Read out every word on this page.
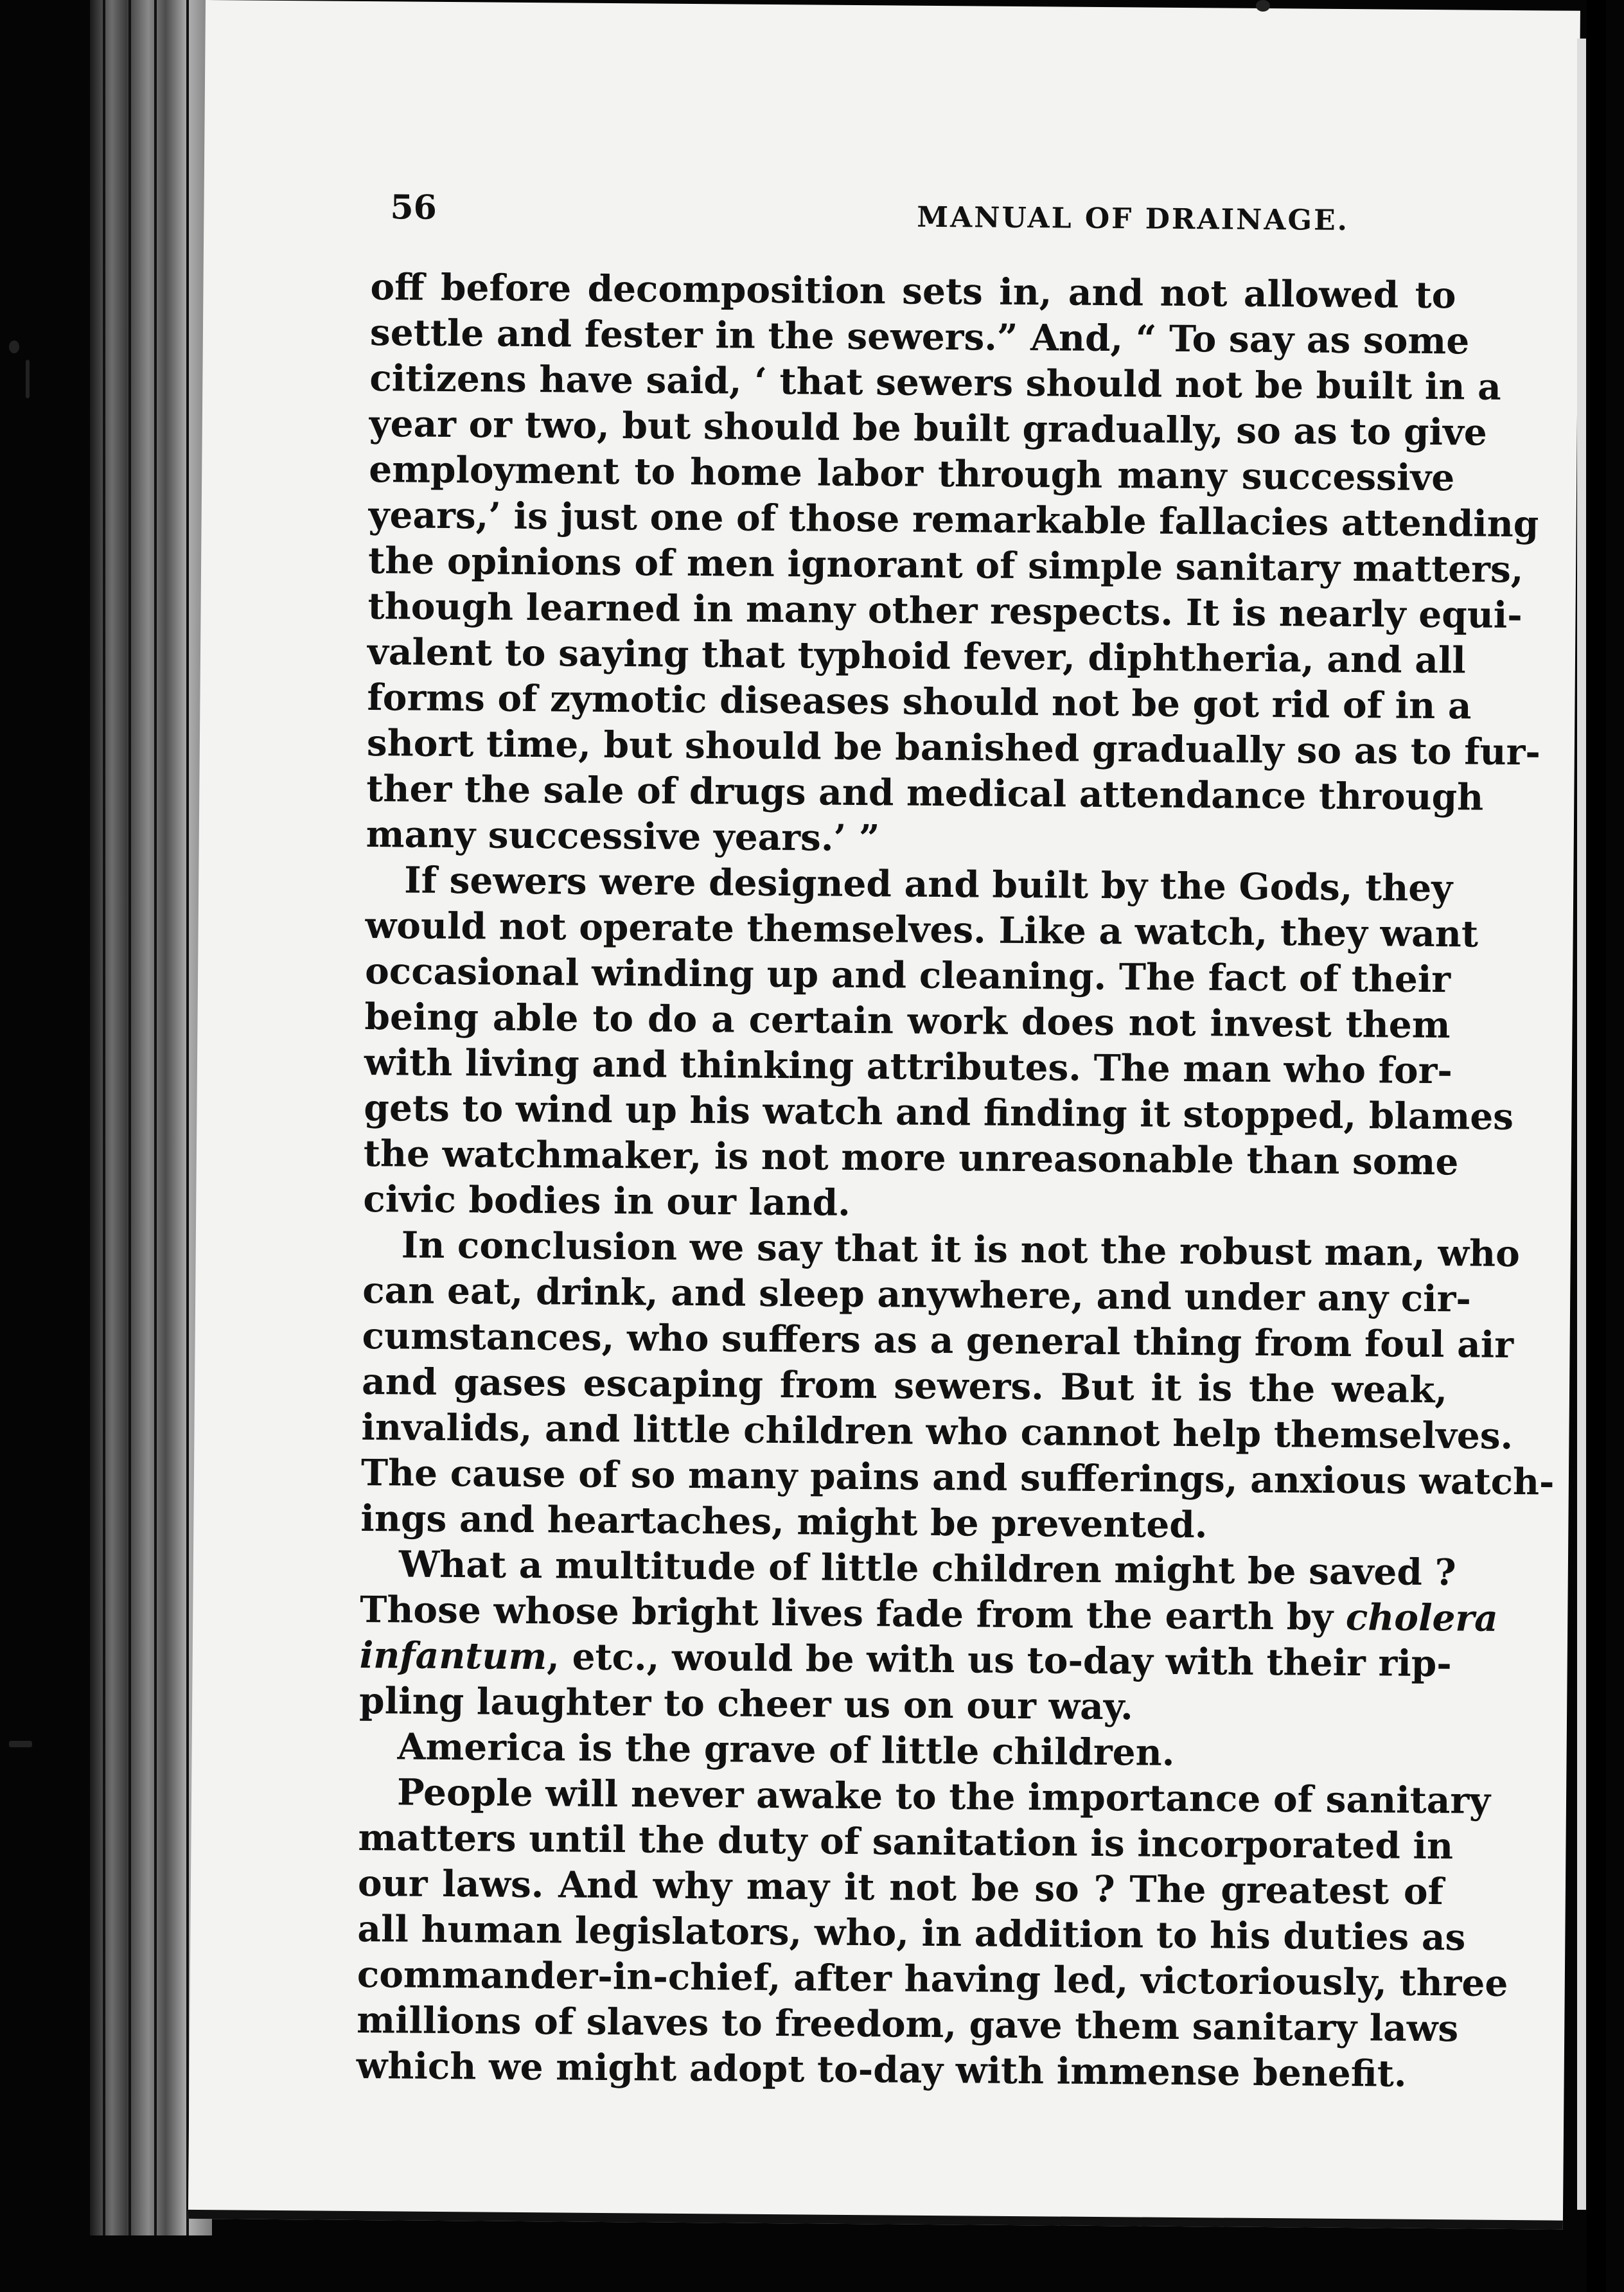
56	MANUAL OF DRAINAGE.

off before decomposition sets in, and not allowed to
settle and fester in the sewers.” And, “ To say as some
citizens have said, ‘ that sewers should not be built in a
year or two, but should be built gradually, so as to give
employment to home labor through many successive
years,’ is just one of those remarkable fallacies attending
the opinions of men ignorant of simple sanitary matters,
though learned in many other respects. It is nearly equi-
valent to saying that typhoid fever, diphtheria, and all
forms of zymotic diseases should not be got rid of in a
short time, but should be banished gradually so as to fur-
ther the sale of drugs and medical attendance through
many successive years.’ ”

If sewers were designed and built by the Gods, they
would not operate themselves. Like a watch, they want
occasional winding up and cleaning. The fact of their
being able to do a certain work does not invest them
with living and thinking attributes. The man who for-
gets to wind up his watch and finding it stopped, blames
the watchmaker, is not more unreasonable than some
civic bodies in our land.

In conclusion we say that it is not the robust man, who
can eat, drink, and sleep anywhere, and under any cir-
cumstances, who suffers as a general thing from foul air
and gases escaping from sewers. But it is the weak,
invalids, and little children who cannot help themselves.
The cause of so many pains and sufferings, anxious watch-
ings and heartaches, might be prevented.

What a multitude of little children might be saved ?
Those whose bright lives fade from the earth by cholera
infantum, etc., would be with us to-day with their rip-
pling laughter to cheer us on our way.

America is the grave of little children.

People will never awake to the importance of sanitary
matters until the duty of sanitation is incorporated in
our laws. And why may it not be so ? The greatest of
all human legislators, who, in addition to his duties as
commander-in-chief, after having led, victoriously, three
millions of slaves to freedom, gave them sanitary laws
which we might adopt to-day with immense benefit.
